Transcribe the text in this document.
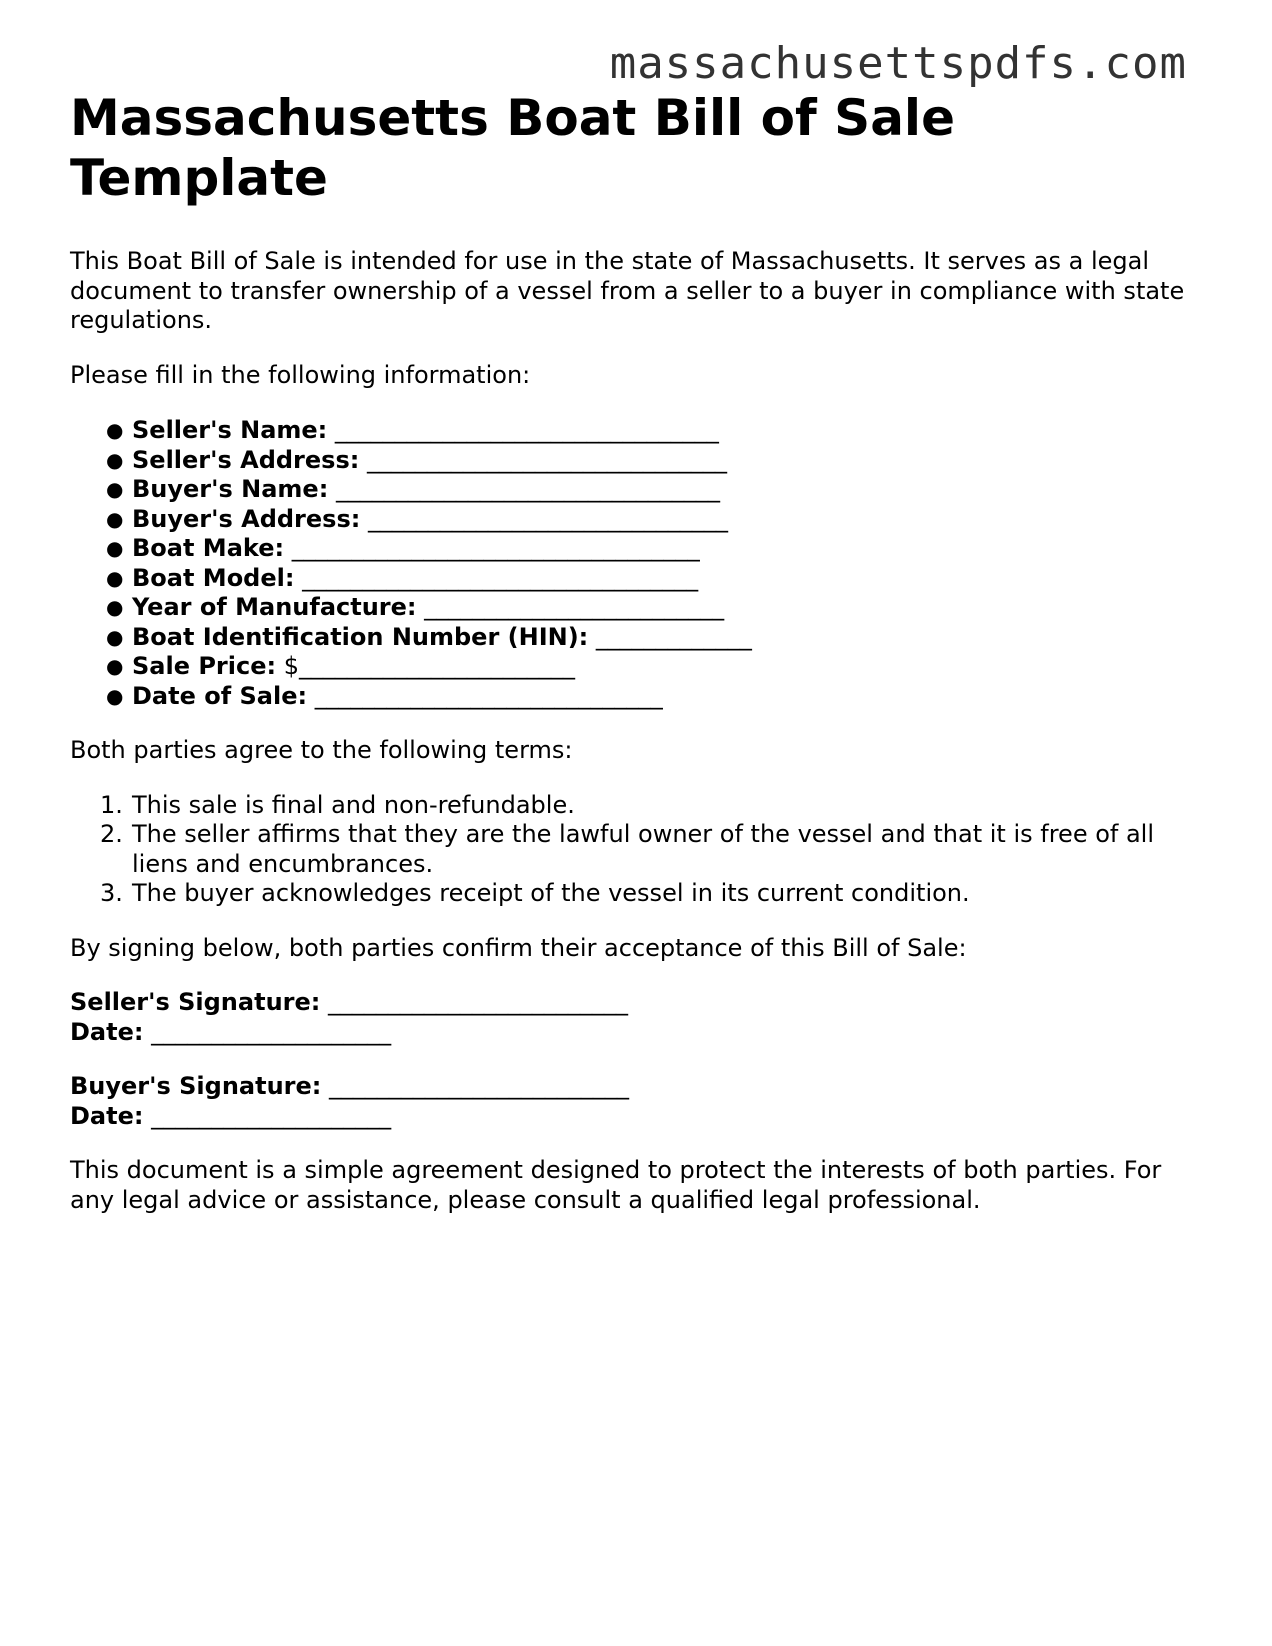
massachusettspdfs.com
Massachusetts Boat Bill of Sale Template

This Boat Bill of Sale is intended for use in the state of Massachusetts. It serves as a legal document to transfer ownership of a vessel from a seller to a buyer in compliance with state regulations.

Please fill in the following information:

● Seller's Name: ________________________________
● Seller's Address: ______________________________
● Buyer's Name: ________________________________
● Buyer's Address: ______________________________
● Boat Make: __________________________________
● Boat Model: _________________________________
● Year of Manufacture: _________________________
● Boat Identification Number (HIN): _____________
● Sale Price: $_______________________
● Date of Sale: _____________________________

Both parties agree to the following terms:

1. This sale is final and non-refundable.
2. The seller affirms that they are the lawful owner of the vessel and that it is free of all liens and encumbrances.
3. The buyer acknowledges receipt of the vessel in its current condition.

By signing below, both parties confirm their acceptance of this Bill of Sale:

Seller's Signature: _________________________
Date: ____________________
Buyer's Signature: _________________________
Date: ____________________

This document is a simple agreement designed to protect the interests of both parties. For any legal advice or assistance, please consult a qualified legal professional.
